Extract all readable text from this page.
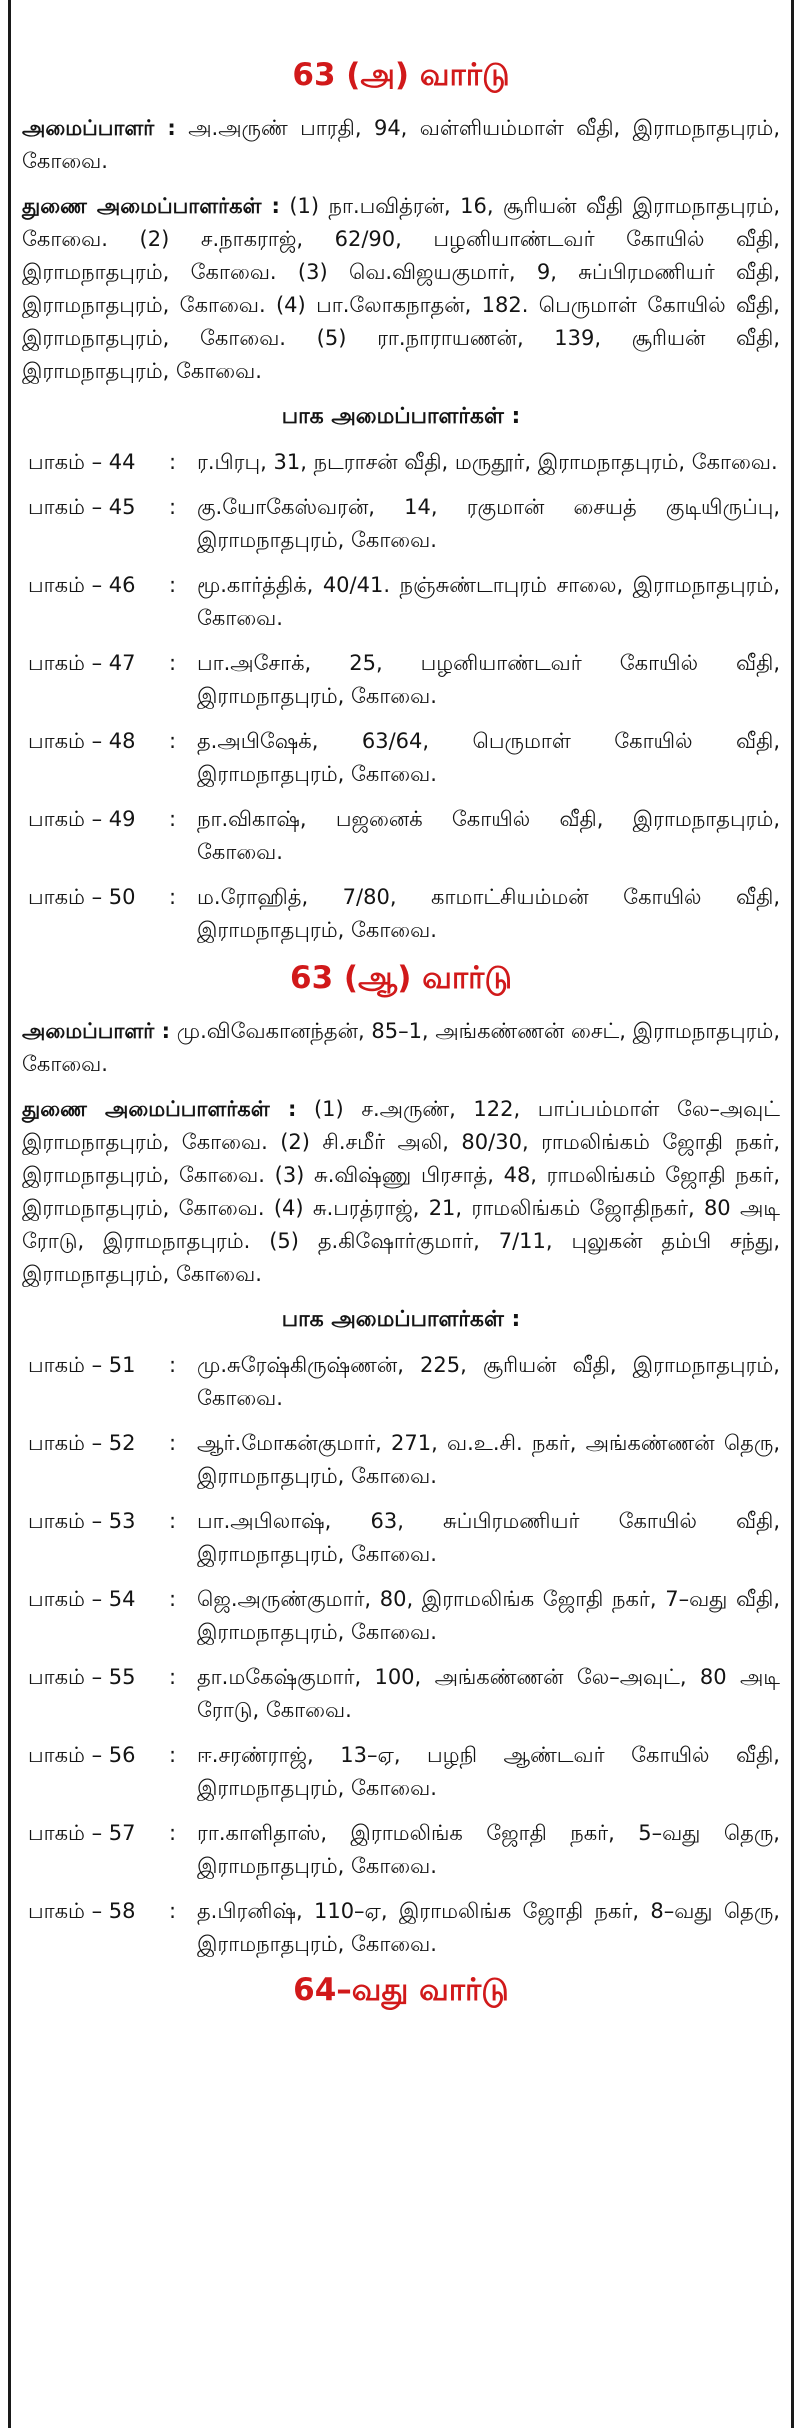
63 (அ) வார்டு

அமைப்பாளர் : அ.அருண் பாரதி, 94, வள்ளியம்மாள் வீதி, இராமநாதபுரம், கோவை.

துணை அமைப்பாளர்கள் : (1) நா.பவித்ரன், 16, சூரியன் வீதி இராமநாதபுரம், கோவை. (2) ச.நாகராஜ், 62/90, பழனியாண்டவர் கோயில் வீதி, இராமநாதபுரம், கோவை. (3) வெ.விஜயகுமார், 9, சுப்பிரமணியர் வீதி, இராமநாதபுரம், கோவை. (4) பா.லோகநாதன், 182. பெருமாள் கோயில் வீதி, இராமநாதபுரம், கோவை. (5) ரா.நாராயணன், 139, சூரியன் வீதி, இராமநாதபுரம், கோவை.

பாக அமைப்பாளர்கள் :
பாகம் – 44	: ர.பிரபு, 31, நடராசன் வீதி, மருதூர், இராமநாதபுரம், கோவை.
பாகம் – 45	: கு.யோகேஸ்வரன், 14, ரகுமான் சையத் குடியிருப்பு, இராமநாதபுரம், கோவை.
பாகம் – 46	: மூ.கார்த்திக், 40/41. நஞ்சுண்டாபுரம் சாலை, இராமநாதபுரம், கோவை.
பாகம் – 47	: பா.அசோக், 25, பழனியாண்டவர் கோயில் வீதி, இராமநாதபுரம், கோவை.
பாகம் – 48	: த.அபிஷேக், 63/64, பெருமாள் கோயில் வீதி, இராமநாதபுரம், கோவை.
பாகம் – 49	: நா.விகாஷ், பஜனைக் கோயில் வீதி, இராமநாதபுரம், கோவை.
பாகம் – 50	: ம.ரோஹித், 7/80, காமாட்சியம்மன் கோயில் வீதி, இராமநாதபுரம், கோவை.
63 (ஆ) வார்டு

அமைப்பாளர் : மு.விவேகானந்தன், 85–1, அங்கண்ணன் சைட், இராமநாதபுரம், கோவை.

துணை அமைப்பாளர்கள் : (1) ச.அருண், 122, பாப்பம்மாள் லே–அவுட் இராமநாதபுரம், கோவை. (2) சி.சமீர் அலி, 80/30, ராமலிங்கம் ஜோதி நகர், இராமநாதபுரம், கோவை. (3) சு.விஷ்ணு பிரசாத், 48, ராமலிங்கம் ஜோதி நகர், இராமநாதபுரம், கோவை. (4) சு.பரத்ராஜ், 21, ராமலிங்கம் ஜோதிநகர், 80 அடி ரோடு, இராமநாதபுரம். (5) த.கிஷோர்குமார், 7/11, புலுகன் தம்பி சந்து, இராமநாதபுரம், கோவை.

பாக அமைப்பாளர்கள் :
பாகம் – 51	: மு.சுரேஷ்கிருஷ்ணன், 225, சூரியன் வீதி, இராமநாதபுரம், கோவை.
பாகம் – 52	: ஆர்.மோகன்குமார், 271, வ.உ.சி. நகர், அங்கண்ணன் தெரு, இராமநாதபுரம், கோவை.
பாகம் – 53	: பா.அபிலாஷ், 63, சுப்பிரமணியர் கோயில் வீதி, இராமநாதபுரம், கோவை.
பாகம் – 54	: ஜெ.அருண்குமார், 80, இராமலிங்க ஜோதி நகர், 7–வது வீதி, இராமநாதபுரம், கோவை.
பாகம் – 55	: தா.மகேஷ்குமார், 100, அங்கண்ணன் லே–அவுட், 80 அடி ரோடு, கோவை.
பாகம் – 56	: ஈ.சரண்ராஜ், 13–ஏ, பழநி ஆண்டவர் கோயில் வீதி, இராமநாதபுரம், கோவை.
பாகம் – 57	: ரா.காளிதாஸ், இராமலிங்க ஜோதி நகர், 5–வது தெரு, இராமநாதபுரம், கோவை.
பாகம் – 58	: த.பிரனிஷ், 110–ஏ, இராமலிங்க ஜோதி நகர், 8–வது தெரு, இராமநாதபுரம், கோவை.
64–வது வார்டு
